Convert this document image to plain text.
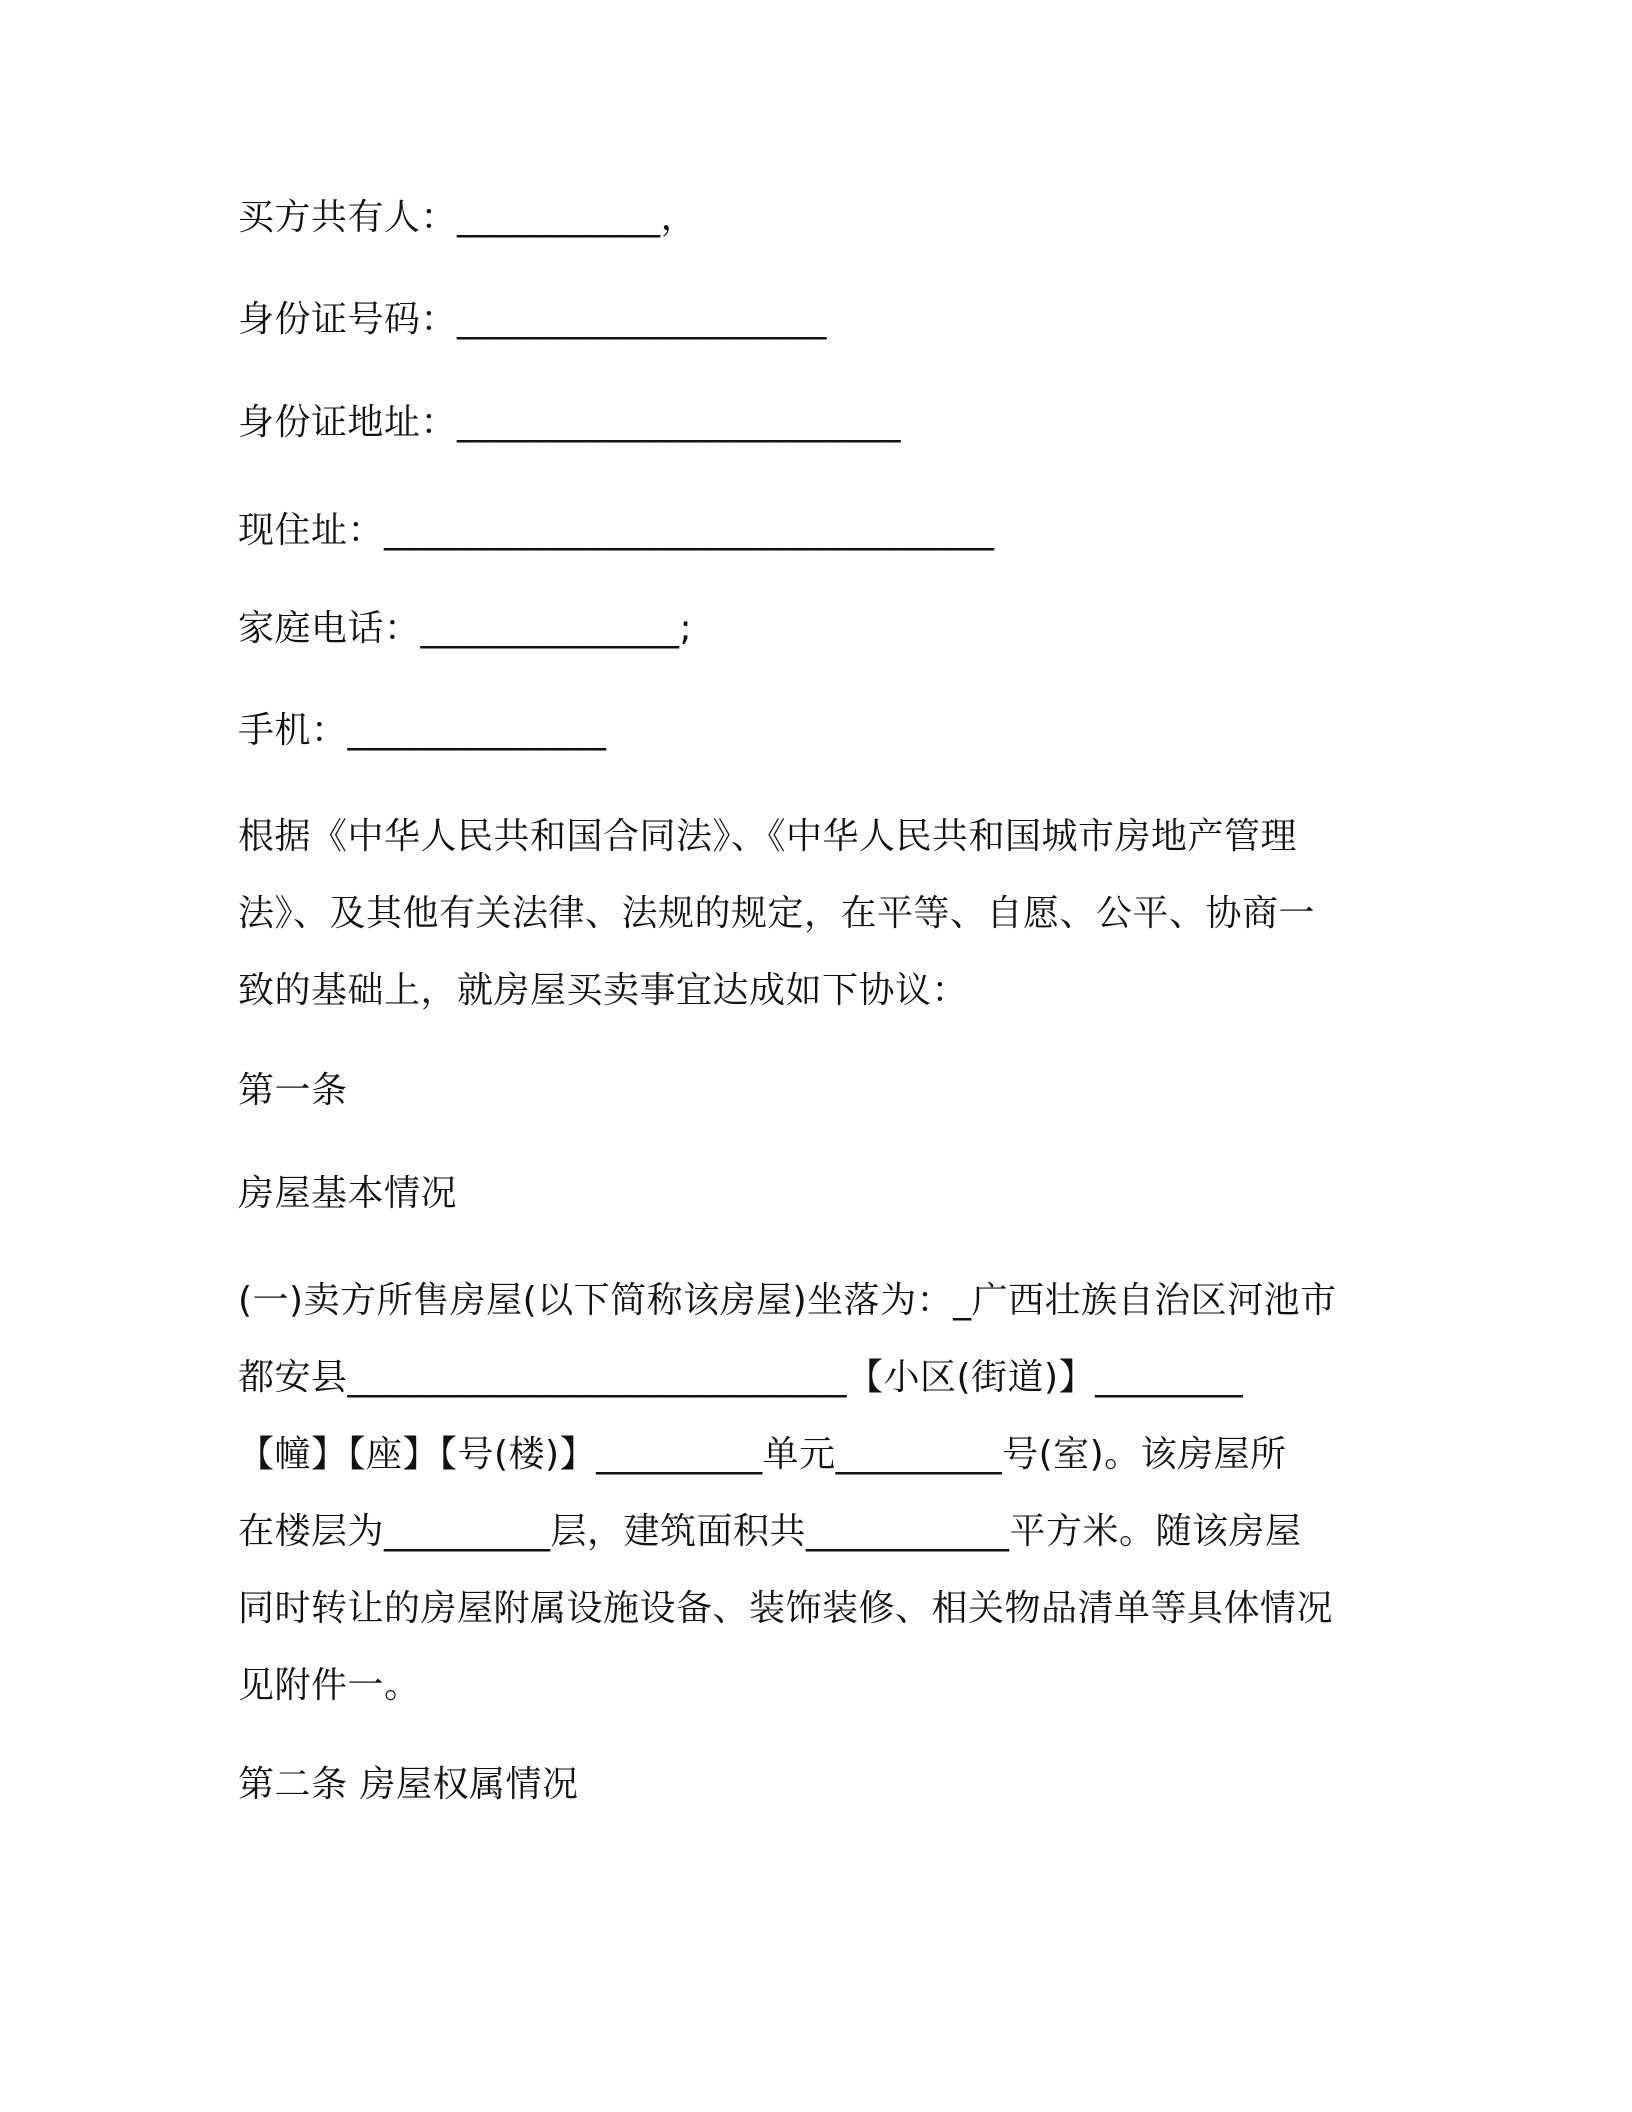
买方共有人：___________，
身份证号码：____________________
身份证地址：________________________
现住址：_________________________________
家庭电话：______________;
手机：______________
根据《中华人民共和国合同法》、《中华人民共和国城市房地产管理
法》、及其他有关法律、法规的规定，在平等、自愿、公平、协商一
致的基础上，就房屋买卖事宜达成如下协议：
第一条
房屋基本情况
(一)卖方所售房屋(以下简称该房屋)坐落为：_广西壮族自治区河池市
都安县___________________________【小区(街道)】________
【幢】【座】【号(楼)】_________单元_________号(室)。该房屋所
在楼层为_________层，建筑面积共___________平方米。随该房屋
同时转让的房屋附属设施设备、装饰装修、相关物品清单等具体情况
见附件一。
第二条 房屋权属情况
